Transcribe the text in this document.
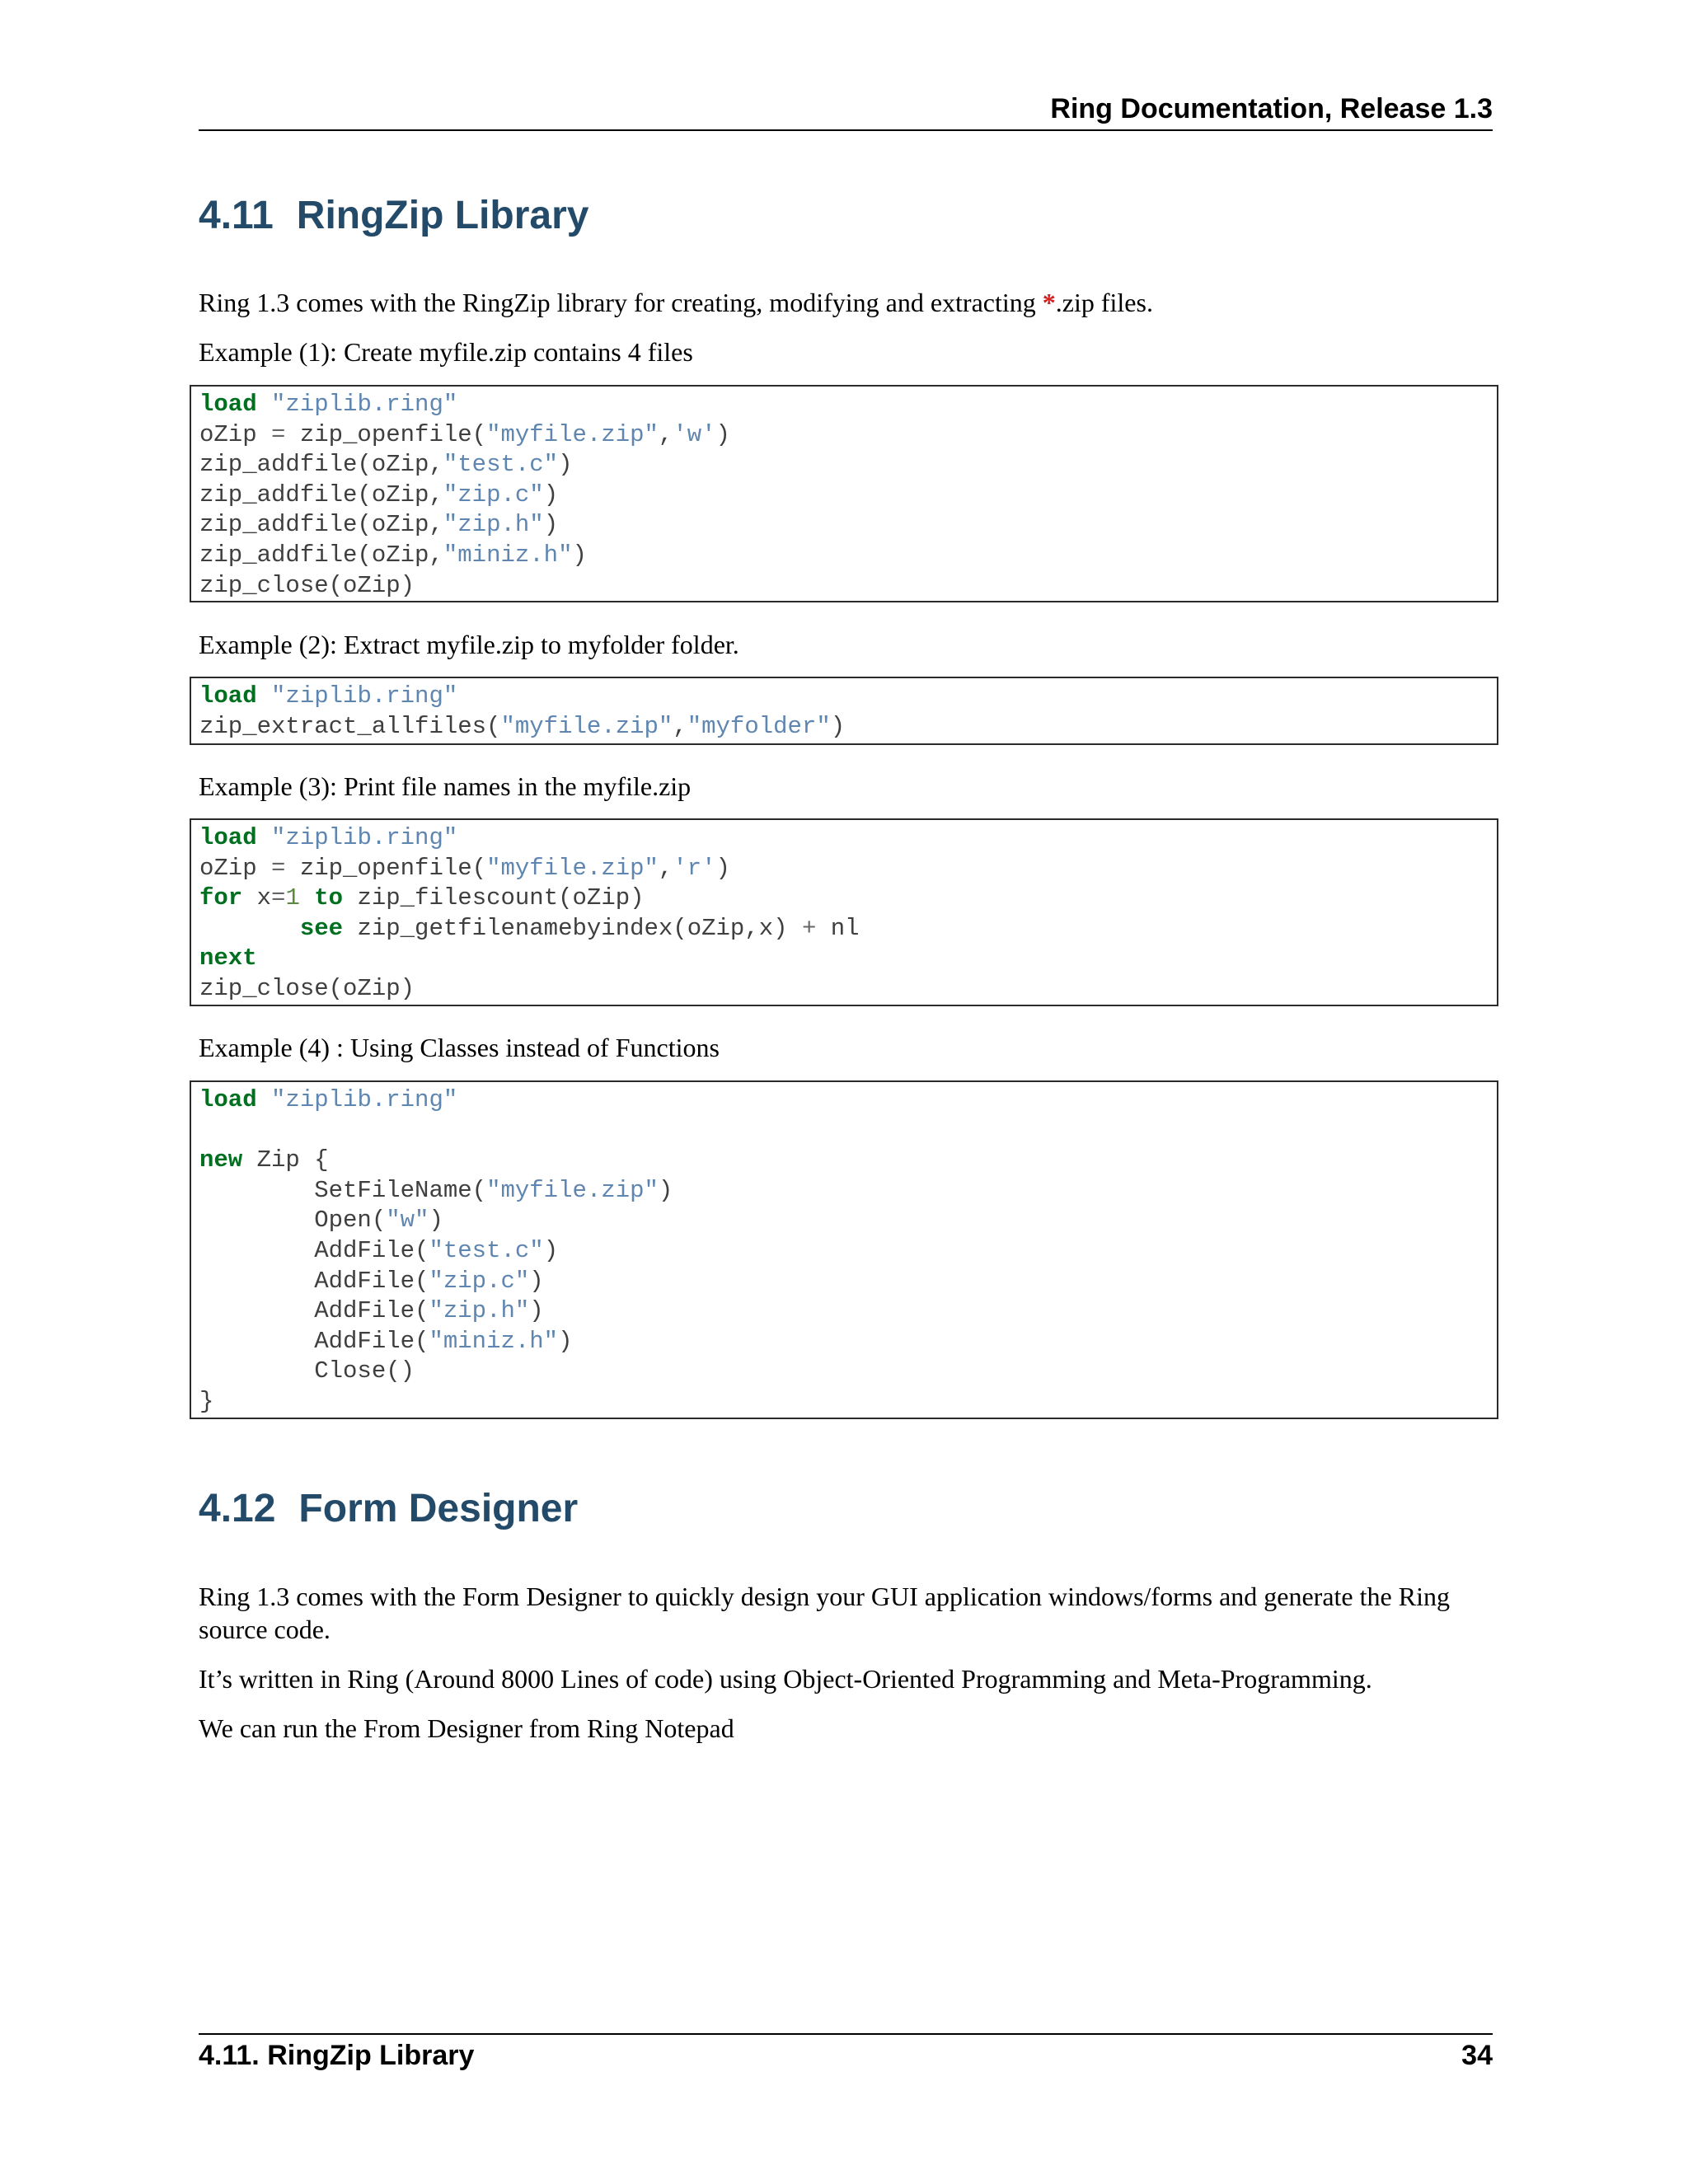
Ring Documentation, Release 1.3
4.11 RingZip Library

Ring 1.3 comes with the RingZip library for creating, modifying and extracting *.zip files.

Example (1): Create myfile.zip contains 4 files

load "ziplib.ring"
oZip = zip_openfile("myfile.zip",'w')
zip_addfile(oZip,"test.c")
zip_addfile(oZip,"zip.c")
zip_addfile(oZip,"zip.h")
zip_addfile(oZip,"miniz.h")
zip_close(oZip)

Example (2): Extract myfile.zip to myfolder folder.

load "ziplib.ring"
zip_extract_allfiles("myfile.zip","myfolder")

Example (3): Print file names in the myfile.zip

load "ziplib.ring"
oZip = zip_openfile("myfile.zip",'r')
for x=1 to zip_filescount(oZip)
see zip_getfilenamebyindex(oZip,x) + nl
next
zip_close(oZip)

Example (4) : Using Classes instead of Functions

load "ziplib.ring"
new Zip {
SetFileName("myfile.zip")
Open("w")
AddFile("test.c")
AddFile("zip.c")
AddFile("zip.h")
AddFile("miniz.h")
Close()
}
4.12 Form Designer

Ring 1.3 comes with the Form Designer to quickly design your GUI application windows/forms and generate the Ring source code.

It’s written in Ring (Around 8000 Lines of code) using Object-Oriented Programming and Meta-Programming.

We can run the From Designer from Ring Notepad

4.11. RingZip Library	34
